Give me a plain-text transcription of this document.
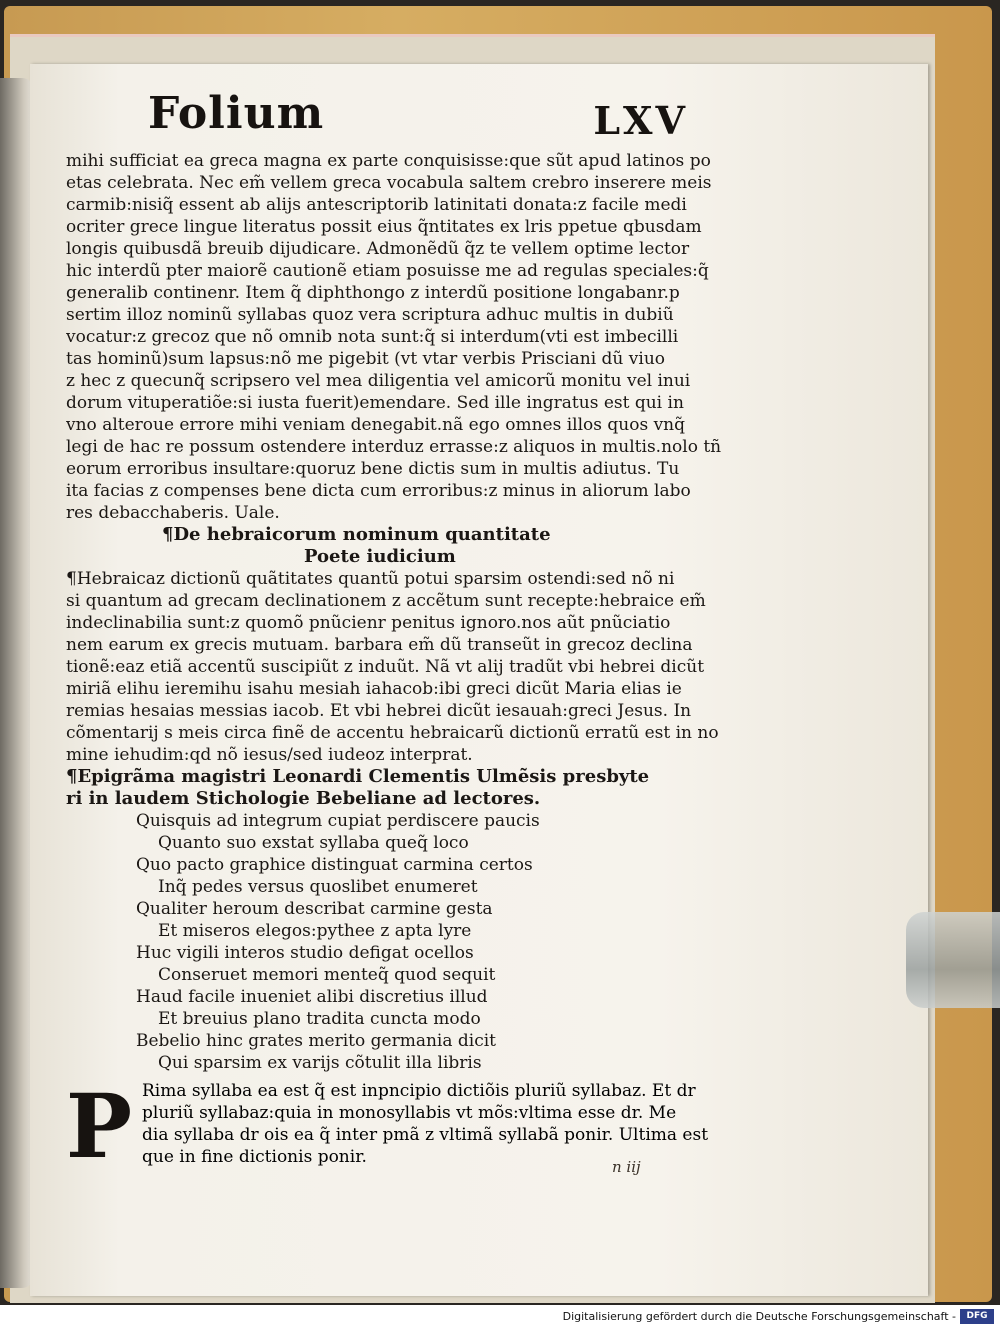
Folium	LXV
mihi sufficiat ea greca magna ex parte conquisisse:que sũt apud latinos po
etas celebrata. Nec em̃ vellem greca vocabula saltem crebro inserere meis
carmib:nisiq̃ essent ab alijs antescriptorib latinitati donata:z facile medi
ocriter grece lingue literatus possit eius q̃ntitates ex lris ppetue qbusdam
longis quibusdã breuib dijudicare. Admonẽdũ q̃z te vellem optime lector
hic interdũ pter maiorẽ cautionẽ etiam posuisse me ad regulas speciales:q̃
generalib continenr. Item q̃ diphthongo z interdũ positione longabanr.p
sertim illoz nominũ syllabas quoz vera scriptura adhuc multis in dubiũ
vocatur:z grecoz que nõ omnib nota sunt:q̃ si interdum(vti est imbecilli
tas hominũ)sum lapsus:nõ me pigebit (vt vtar verbis Prisciani dũ viuo
z hec z quecunq̃ scripsero vel mea diligentia vel amicorũ monitu vel inui
dorum vituperatiõe:si iusta fuerit)emendare. Sed ille ingratus est qui in
vno alteroue errore mihi veniam denegabit.nã ego omnes illos quos vnq̃
legi de hac re possum ostendere interduz errasse:z aliquos in multis.nolo tñ
eorum erroribus insultare:quoruz bene dictis sum in multis adiutus. Tu
ita facias z compenses bene dicta cum erroribus:z minus in aliorum labo
res debacchaberis. Uale.
¶De hebraicorum nominum quantitate
Poete iudicium
¶Hebraicaz dictionũ quãtitates quantũ potui sparsim ostendi:sed nõ ni
si quantum ad grecam declinationem z accẽtum sunt recepte:hebraice em̃
indeclinabilia sunt:z quomõ pnũcienr penitus ignoro.nos aũt pnũciatio
nem earum ex grecis mutuam. barbara em̃ dũ transeũt in grecoz declina
tionẽ:eaz etiã accentũ suscipiũt z induũt. Nã vt alij tradũt vbi hebrei dicũt
miriã elihu ieremihu isahu mesiah iahacob:ibi greci dicũt Maria elias ie
remias hesaias messias iacob. Et vbi hebrei dicũt iesauah:greci Jesus. In
cõmentarij s meis circa finẽ de accentu hebraicarũ dictionũ erratũ est in no
mine iehudim:qd nõ iesus/sed iudeoz interprat.
¶Epigrãma magistri Leonardi Clementis Ulmẽsis presbyte
ri in laudem Stichologie Bebeliane ad lectores.
Quisquis ad integrum cupiat perdiscere paucis
Quanto suo exstat syllaba queq̃ loco
Quo pacto graphice distinguat carmina certos
Inq̃ pedes versus quoslibet enumeret
Qualiter heroum describat carmine gesta
Et miseros elegos:pythee z apta lyre
Huc vigili interos studio defigat ocellos
Conseruet memori menteq̃ quod sequit
Haud facile inueniet alibi discretius illud
Et breuius plano tradita cuncta modo
Bebelio hinc grates merito germania dicit
Qui sparsim ex varijs cõtulit illa libris
P Rima syllaba ea est q̃ est inpncipio dictiõis pluriũ syllabaz. Et dr
pluriũ syllabaz:quia in monosyllabis vt mõs:vltima esse dr. Me
dia syllaba dr ois ea q̃ inter pmã z vltimã syllabã ponir. Ultima est
que in fine dictionis ponir.	n iij
Digitalisierung gefördert durch die Deutsche Forschungsgemeinschaft -	DFG
